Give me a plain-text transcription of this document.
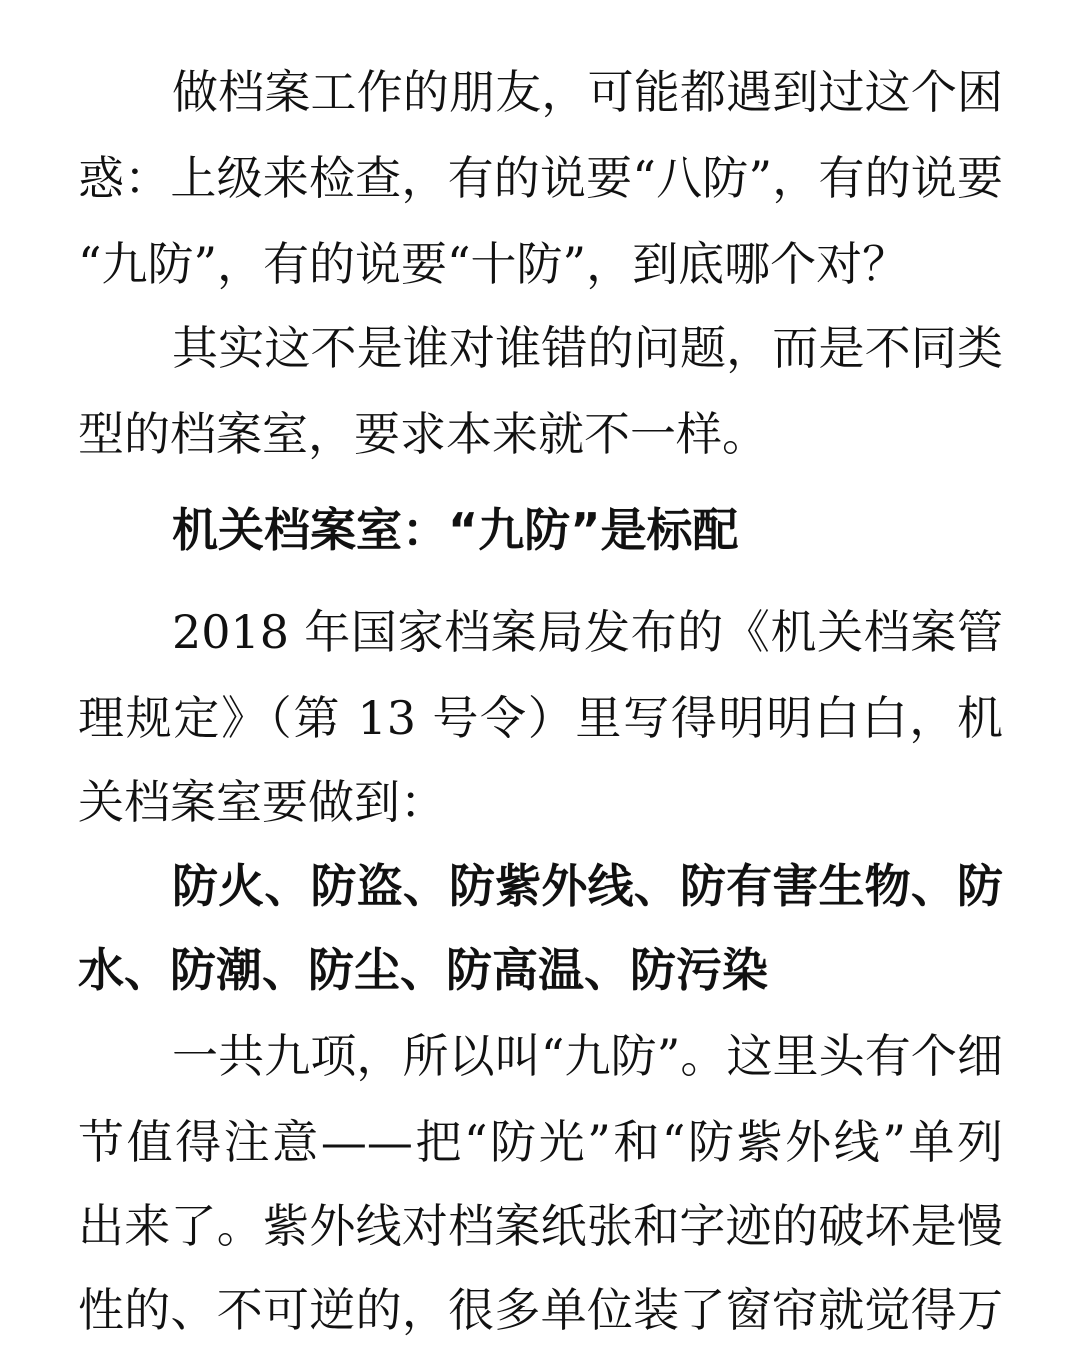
做档案工作的朋友，可能都遇到过这个困

惑：上级来检查，有的说要“八防”，有的说要

“九防”，有的说要“十防”，到底哪个对？

其实这不是谁对谁错的问题，而是不同类

型的档案室，要求本来就不一样。

机关档案室：“九防”是标配

2018 年国家档案局发布的《机关档案管

理规定》（第 13 号令）里写得明明白白，机

关档案室要做到：

防火、防盗、防紫外线、防有害生物、防

水、防潮、防尘、防高温、防污染

一共九项，所以叫“九防”。这里头有个细

节值得注意——把“防光”和“防紫外线”单列

出来了。紫外线对档案纸张和字迹的破坏是慢

性的、不可逆的，很多单位装了窗帘就觉得万
